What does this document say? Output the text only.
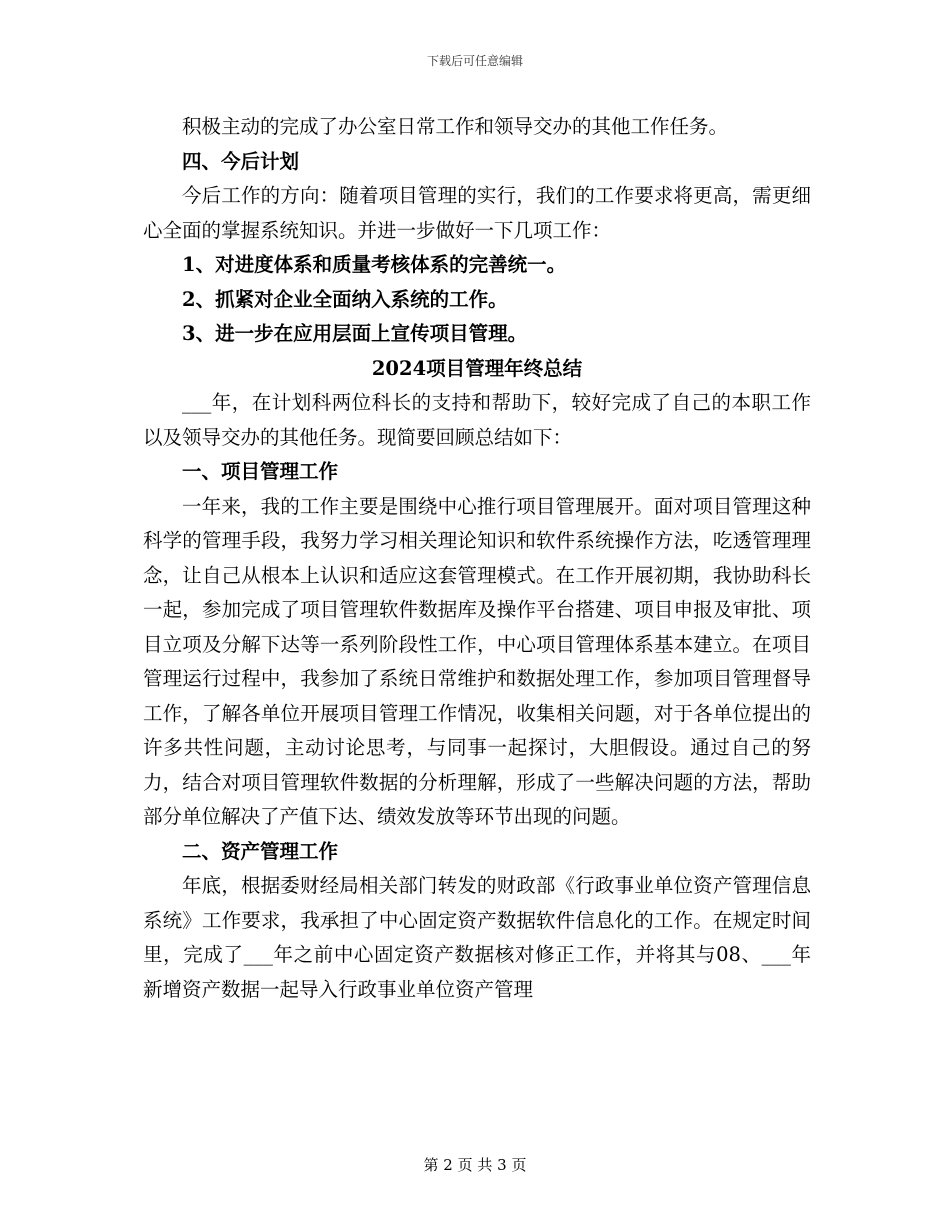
下载后可任意编辑

积极主动的完成了办公室日常工作和领导交办的其他工作任务。

四、今后计划

今后工作的方向：随着项目管理的实行，我们的工作要求将更高，需更细心全面的掌握系统知识。并进一步做好一下几项工作：

1、对进度体系和质量考核体系的完善统一。

2、抓紧对企业全面纳入系统的工作。

3、进一步在应用层面上宣传项目管理。

2024项目管理年终总结

___年，在计划科两位科长的支持和帮助下，较好完成了自己的本职工作以及领导交办的其他任务。现简要回顾总结如下：

一、项目管理工作

一年来，我的工作主要是围绕中心推行项目管理展开。面对项目管理这种科学的管理手段，我努力学习相关理论知识和软件系统操作方法，吃透管理理念，让自己从根本上认识和适应这套管理模式。在工作开展初期，我协助科长一起，参加完成了项目管理软件数据库及操作平台搭建、项目申报及审批、项目立项及分解下达等一系列阶段性工作，中心项目管理体系基本建立。在项目管理运行过程中，我参加了系统日常维护和数据处理工作，参加项目管理督导工作，了解各单位开展项目管理工作情况，收集相关问题，对于各单位提出的许多共性问题，主动讨论思考，与同事一起探讨，大胆假设。通过自己的努力，结合对项目管理软件数据的分析理解，形成了一些解决问题的方法，帮助部分单位解决了产值下达、绩效发放等环节出现的问题。

二、资产管理工作

年底，根据委财经局相关部门转发的财政部《行政事业单位资产管理信息系统》工作要求，我承担了中心固定资产数据软件信息化的工作。在规定时间里，完成了___年之前中心固定资产数据核对修正工作，并将其与08、___年新增资产数据一起导入行政事业单位资产管理

第 2 页 共 3 页
